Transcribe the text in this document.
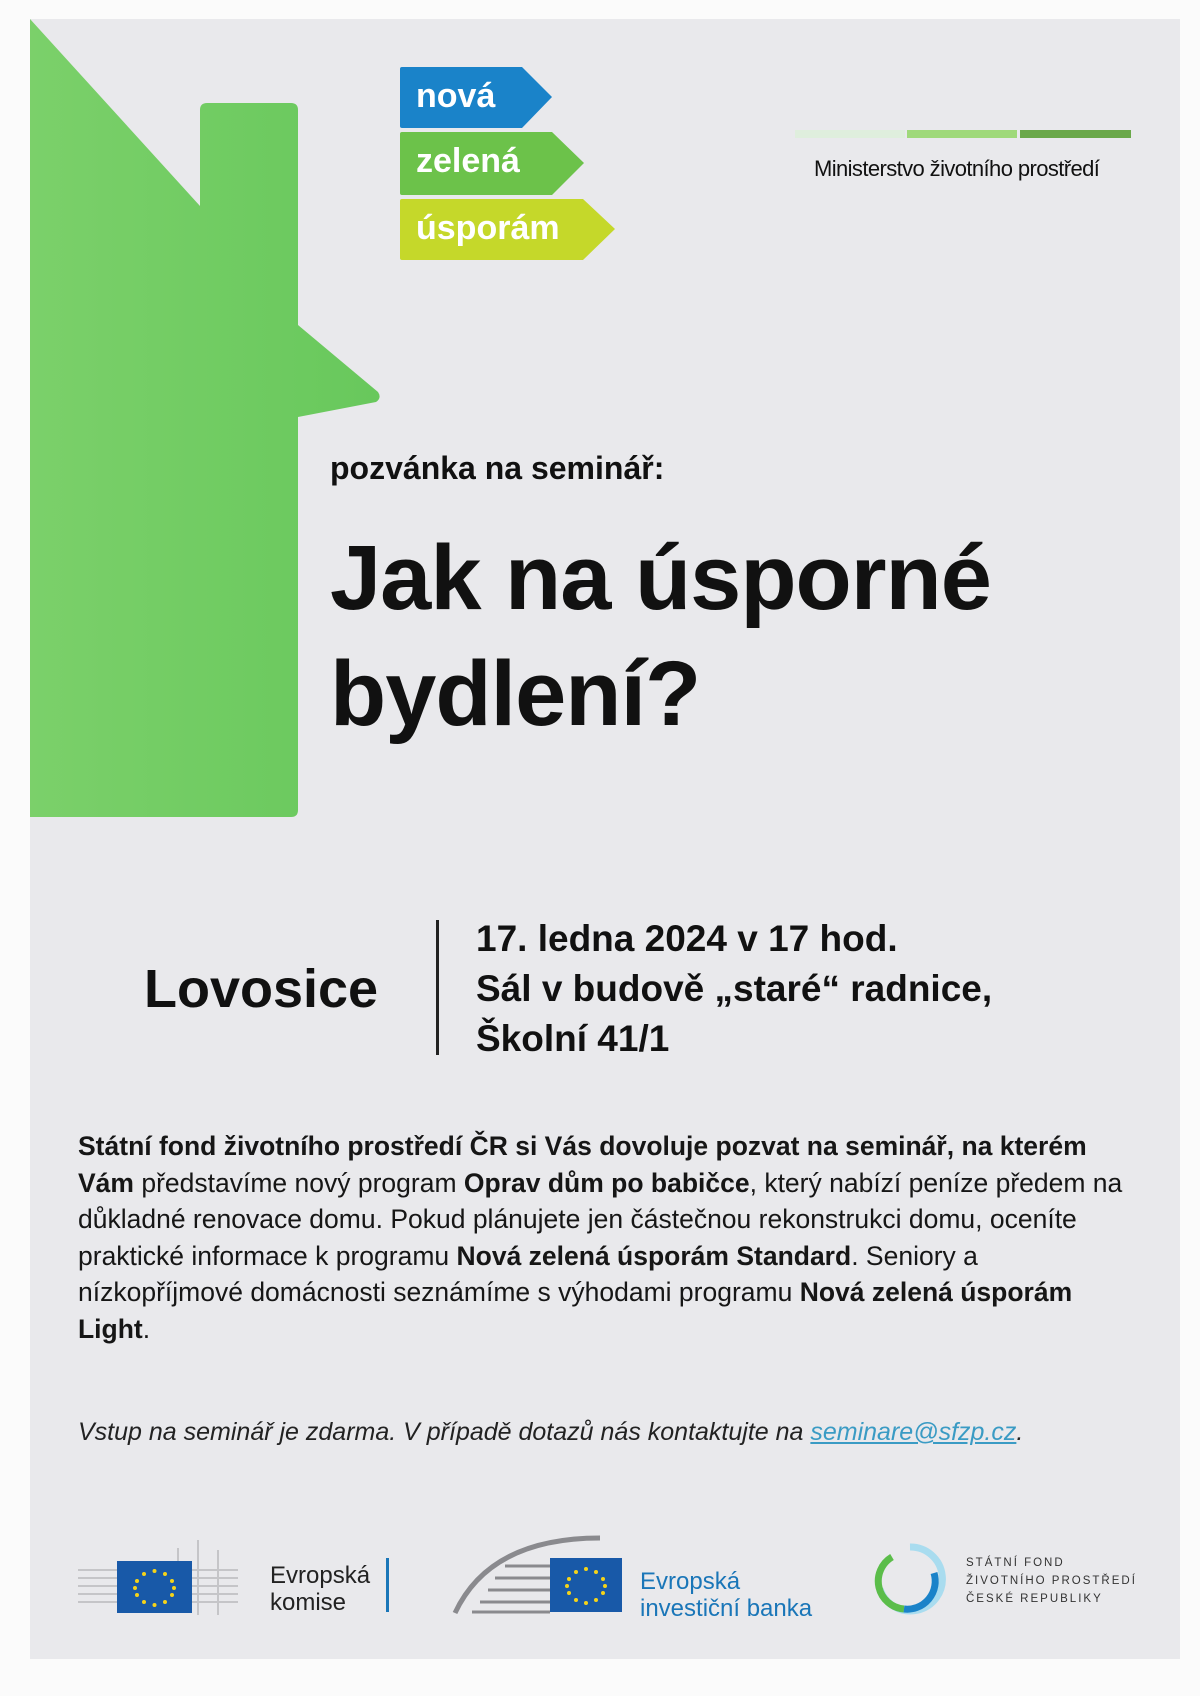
nová
zelená
úsporám
Ministerstvo životního prostředí
pozvánka na seminář:
Jak na úsporné
bydlení?
Lovosice
17. ledna 2024 v 17 hod.
Sál v budově „staré“ radnice,
Školní 41/1
Státní fond životního prostředí ČR si Vás dovoluje pozvat na seminář, na kterém Vám představíme nový program Oprav dům po babičce, který nabízí peníze předem na důkladné renovace domu. Pokud plánujete jen částečnou rekonstrukci domu, oceníte praktické informace k programu Nová zelená úsporám Standard. Seniory a nízkopříjmové domácnosti seznámíme s výhodami programu Nová zelená úsporám Light.
Vstup na seminář je zdarma. V případě dotazů nás kontaktujte na seminare@sfzp.cz.
Evropská
komise
Evropská
investiční banka
STÁTNÍ FOND
ŽIVOTNÍHO PROSTŘEDÍ
ČESKÉ REPUBLIKY
